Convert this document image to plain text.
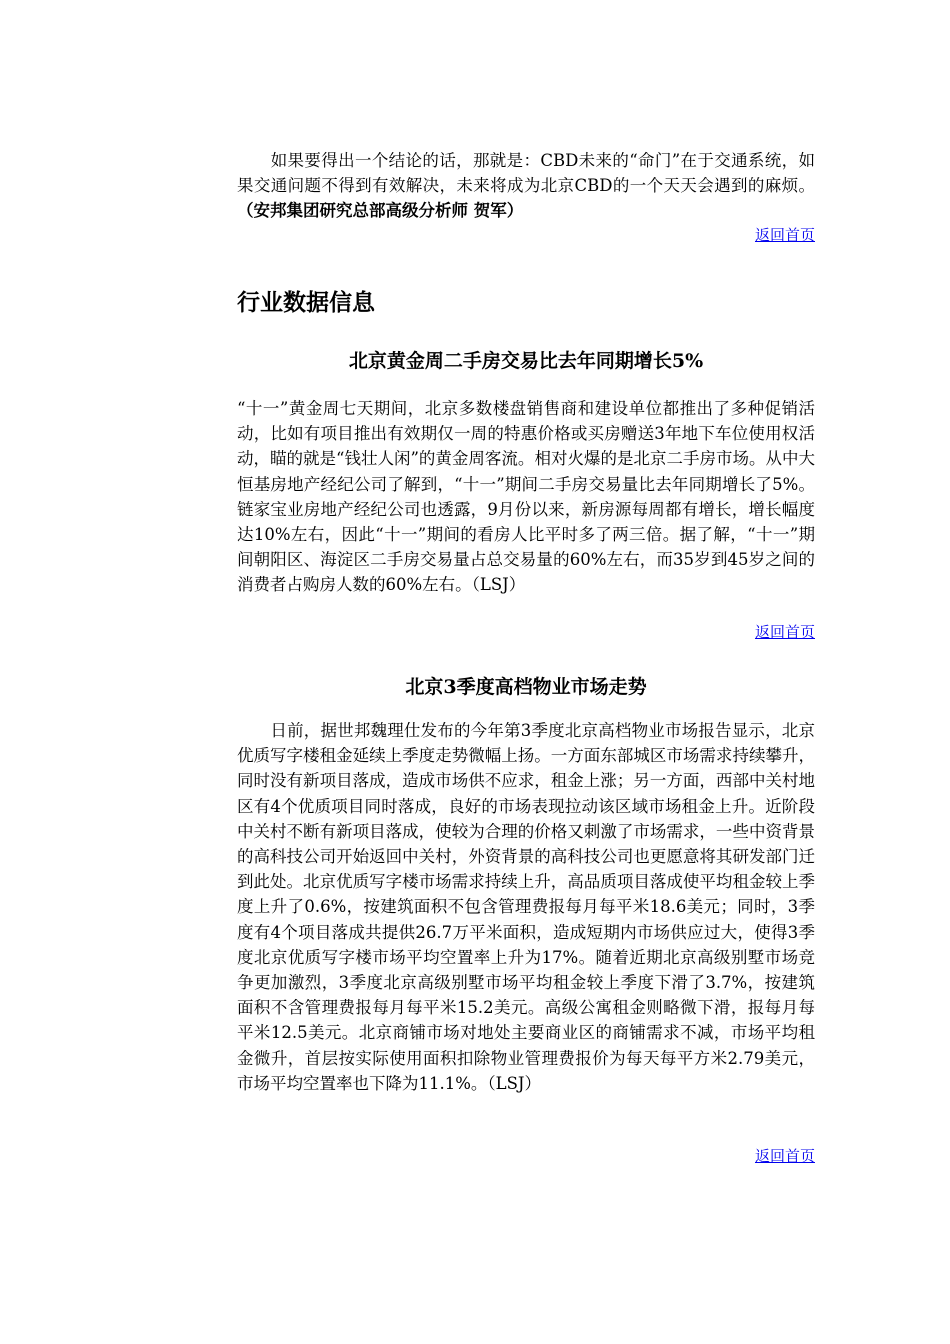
　　如果要得出一个结论的话，那就是：CBD未来的“命门”在于交通系统，如果交通问题不得到有效解决，未来将成为北京CBD的一个天天会遇到的麻烦。（安邦集团研究总部高级分析师 贺军）

返回首页
行业数据信息
北京黄金周二手房交易比去年同期增长5%

“十一”黄金周七天期间，北京多数楼盘销售商和建设单位都推出了多种促销活动，比如有项目推出有效期仅一周的特惠价格或买房赠送3年地下车位使用权活动，瞄的就是“钱壮人闲”的黄金周客流。相对火爆的是北京二手房市场。从中大恒基房地产经纪公司了解到，“十一”期间二手房交易量比去年同期增长了5%。链家宝业房地产经纪公司也透露，9月份以来，新房源每周都有增长，增长幅度达10%左右，因此“十一”期间的看房人比平时多了两三倍。据了解，“十一”期间朝阳区、海淀区二手房交易量占总交易量的60%左右，而35岁到45岁之间的消费者占购房人数的60%左右。（LSJ）

返回首页
北京3季度高档物业市场走势

　　日前，据世邦魏理仕发布的今年第3季度北京高档物业市场报告显示，北京优质写字楼租金延续上季度走势微幅上扬。一方面东部城区市场需求持续攀升，同时没有新项目落成，造成市场供不应求，租金上涨；另一方面，西部中关村地区有4个优质项目同时落成，良好的市场表现拉动该区域市场租金上升。近阶段中关村不断有新项目落成，使较为合理的价格又刺激了市场需求，一些中资背景的高科技公司开始返回中关村，外资背景的高科技公司也更愿意将其研发部门迁到此处。北京优质写字楼市场需求持续上升，高品质项目落成使平均租金较上季度上升了0.6%，按建筑面积不包含管理费报每月每平米18.6美元；同时，3季度有4个项目落成共提供26.7万平米面积，造成短期内市场供应过大，使得3季度北京优质写字楼市场平均空置率上升为17%。随着近期北京高级别墅市场竞争更加激烈，3季度北京高级别墅市场平均租金较上季度下滑了3.7%，按建筑面积不含管理费报每月每平米15.2美元。高级公寓租金则略微下滑，报每月每平米12.5美元。北京商铺市场对地处主要商业区的商铺需求不减，市场平均租金微升，首层按实际使用面积扣除物业管理费报价为每天每平方米2.79美元，市场平均空置率也下降为11.1%。（LSJ）

返回首页
